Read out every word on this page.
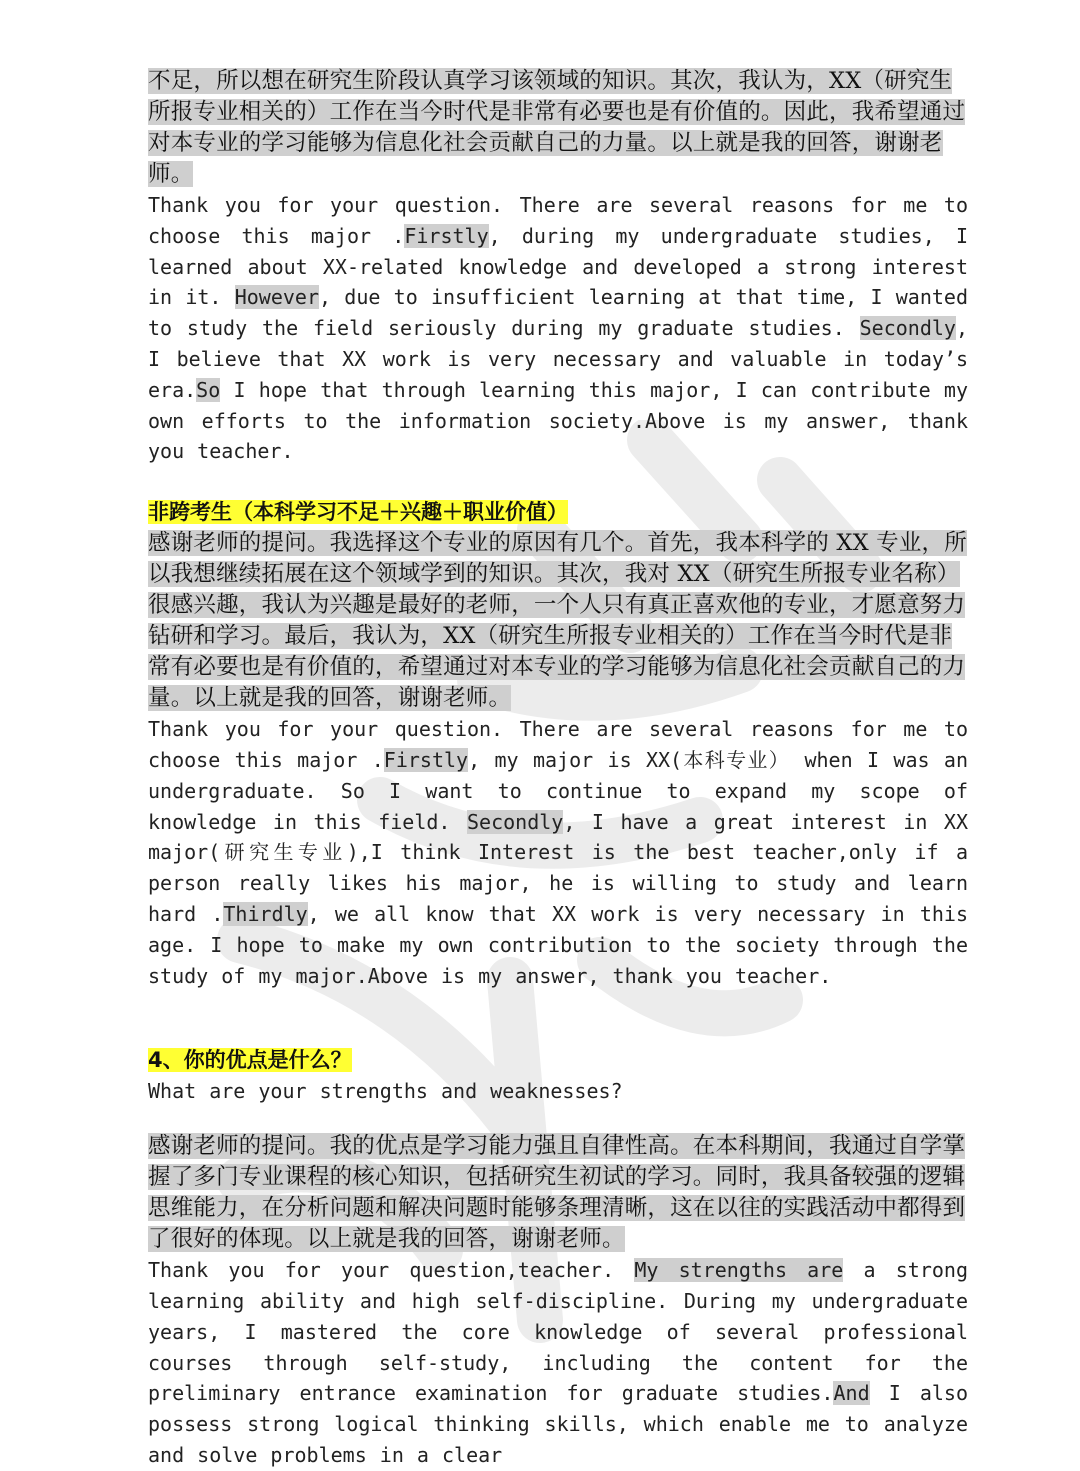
不足，所以想在研究生阶段认真学习该领域的知识。其次，我认为，XX（研究生所报专业相关的）工作在当今时代是非常有必要也是有价值的。因此，我希望通过对本专业的学习能够为信息化社会贡献自己的力量。以上就是我的回答，谢谢老师。
Thank you for your question. There are several reasons for me to choose this major .Firstly, during my undergraduate studies, I learned about XX-related knowledge and developed a strong interest in it. However, due to insufficient learning at that time, I wanted to study the field seriously during my graduate studies. Secondly, I believe that XX work is very necessary and valuable in today’s era.So I hope that through learning this major, I can contribute my own efforts to the information society.Above is my answer, thank you teacher.
非跨考生（本科学习不足＋兴趣＋职业价值）
感谢老师的提问。我选择这个专业的原因有几个。首先，我本科学的 XX 专业，所以我想继续拓展在这个领域学到的知识。其次，我对 XX（研究生所报专业名称）很感兴趣，我认为兴趣是最好的老师，一个人只有真正喜欢他的专业，才愿意努力钻研和学习。最后，我认为，XX（研究生所报专业相关的）工作在当今时代是非常有必要也是有价值的，希望通过对本专业的学习能够为信息化社会贡献自己的力量。以上就是我的回答，谢谢老师。
Thank you for your question. There are several reasons for me to choose this major .Firstly, my major is XX(本科专业） when I was an undergraduate. So I want to continue to expand my scope of knowledge in this field. Secondly, I have a great interest in XX major(研究生专业),I think Interest is the best teacher,only if a person really likes his major, he is willing to study and learn hard .Thirdly, we all know that XX work is very necessary in this age. I hope to make my own contribution to the society through the study of my major.Above is my answer, thank you teacher.
4、你的优点是什么？
What are your strengths and weaknesses?
感谢老师的提问。我的优点是学习能力强且自律性高。在本科期间，我通过自学掌握了多门专业课程的核心知识，包括研究生初试的学习。同时，我具备较强的逻辑思维能力，在分析问题和解决问题时能够条理清晰，这在以往的实践活动中都得到了很好的体现。以上就是我的回答，谢谢老师。
Thank you for your question,teacher. My strengths are a strong learning ability and high self-discipline. During my undergraduate years, I mastered the core knowledge of several professional courses through self-study, including the content for the preliminary entrance examination for graduate studies.And I also possess strong logical thinking skills, which enable me to analyze and solve problems in a clear
